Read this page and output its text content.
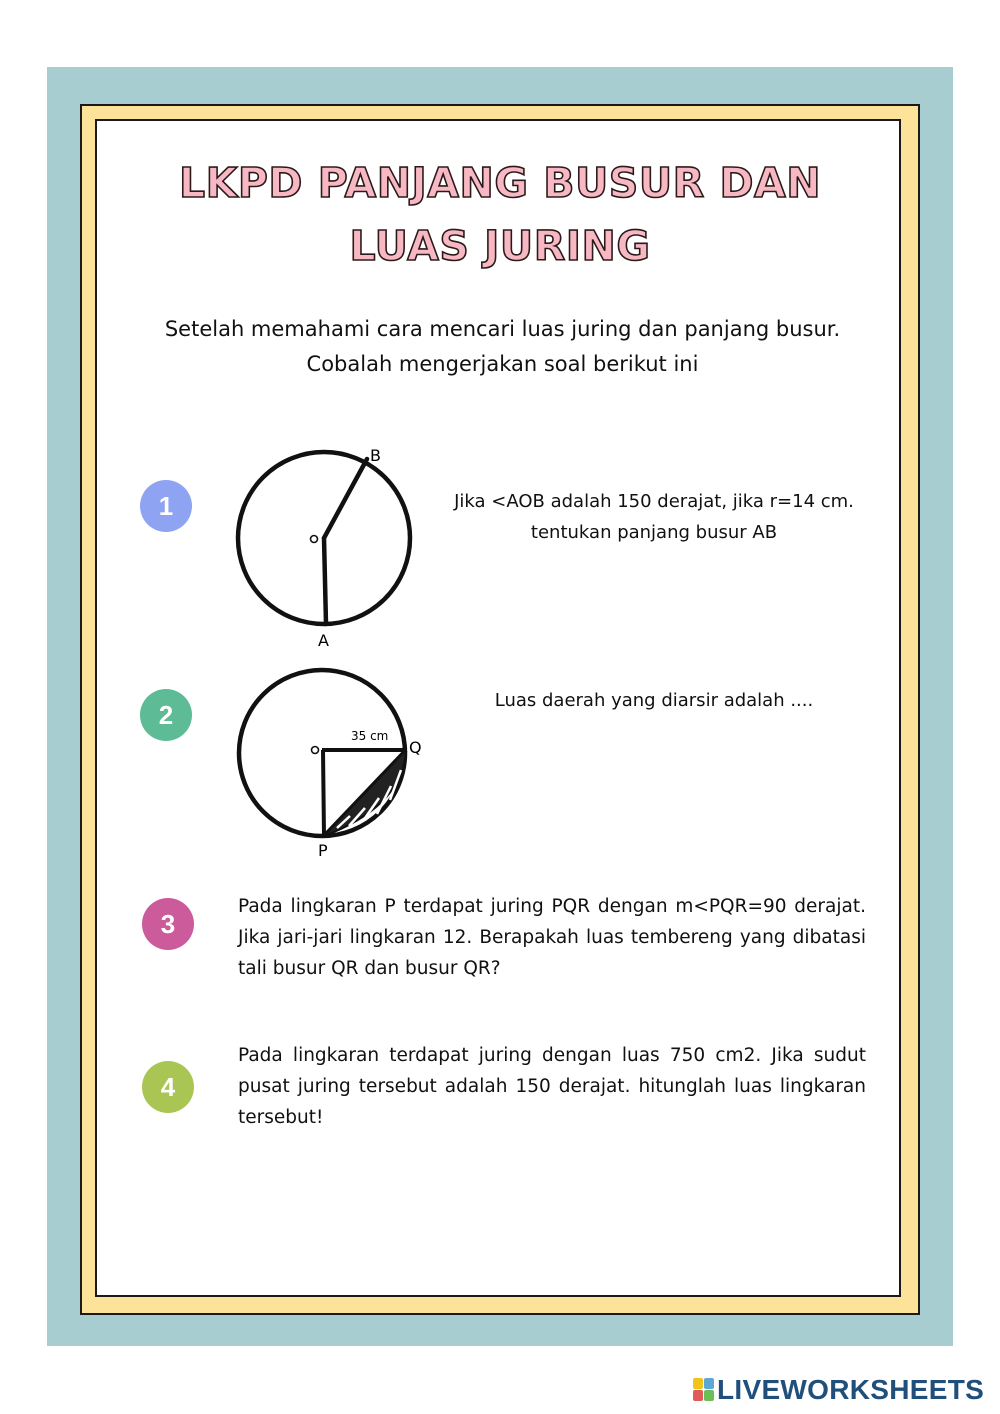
LKPD PANJANG BUSUR DAN
LUAS JURING
Setelah memahami cara mencari luas juring dan panjang busur.
Cobalah mengerjakan soal berikut ini
1
B
A
Jika <AOB adalah 150 derajat, jika r=14 cm.
tentukan panjang busur AB
2
35 cm
Q
P
Luas daerah yang diarsir adalah ....
3
Pada lingkaran P terdapat juring PQR dengan m<PQR=90 derajat. Jika jari-jari lingkaran 12. Berapakah luas tembereng yang dibatasi tali busur QR dan busur QR?
4
Pada lingkaran terdapat juring dengan luas 750 cm2. Jika sudut pusat juring tersebut adalah 150 derajat. hitunglah luas lingkaran tersebut!
LIVEWORKSHEETS
